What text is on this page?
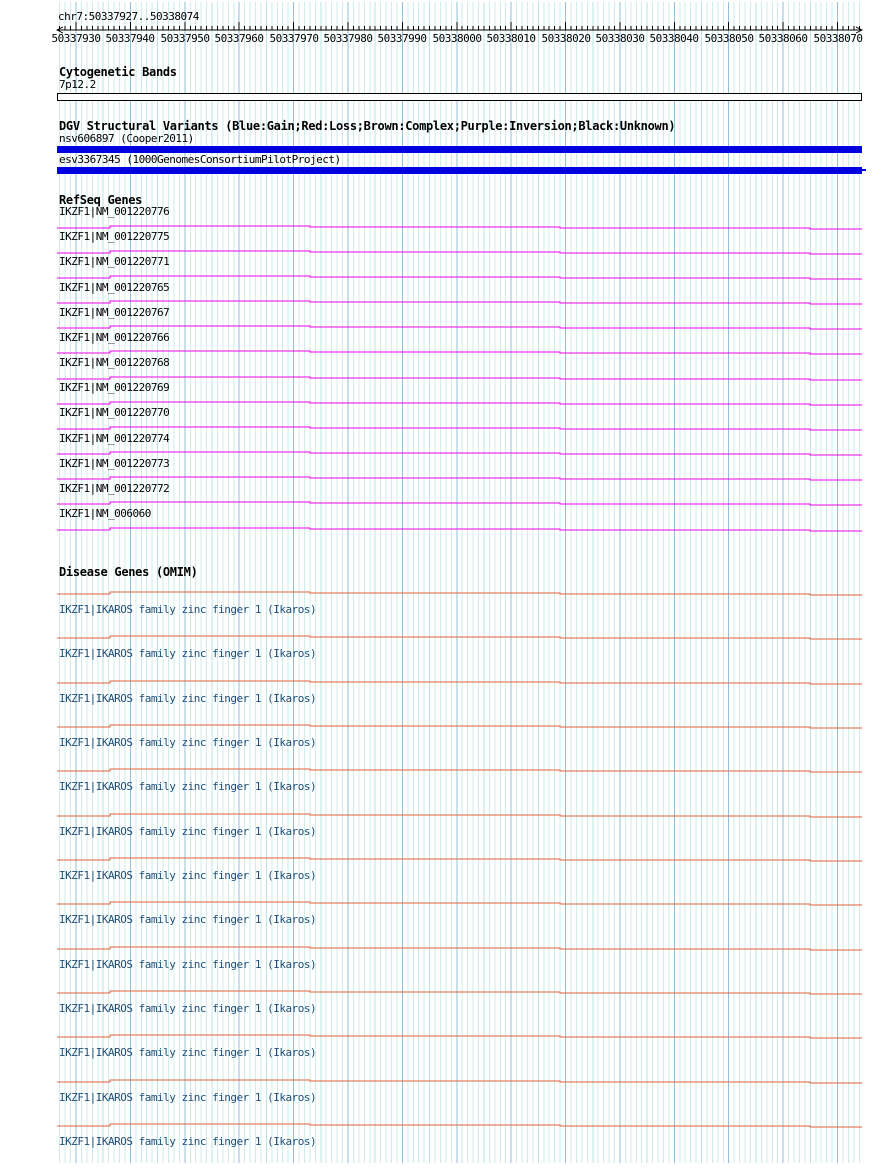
chr7:50337927..50338074
Cytogenetic Bands
7p12.2
DGV Structural Variants (Blue:Gain;Red:Loss;Brown:Complex;Purple:Inversion;Black:Unknown)
nsv606897 (Cooper2011)
esv3367345 (1000GenomesConsortiumPilotProject)
RefSeq Genes
Disease Genes (OMIM)
50337930 50337940 50337950 50337960 50337970 50337980 50337990 50338000 50338010 50338020 50338030 50338040 50338050 50338060 50338070
IKZF1|NM_001220776
IKZF1|NM_001220775
IKZF1|NM_001220771
IKZF1|NM_001220765
IKZF1|NM_001220767
IKZF1|NM_001220766
IKZF1|NM_001220768
IKZF1|NM_001220769
IKZF1|NM_001220770
IKZF1|NM_001220774
IKZF1|NM_001220773
IKZF1|NM_001220772
IKZF1|NM_006060
IKZF1|IKAROS family zinc finger 1 (Ikaros)
IKZF1|IKAROS family zinc finger 1 (Ikaros)
IKZF1|IKAROS family zinc finger 1 (Ikaros)
IKZF1|IKAROS family zinc finger 1 (Ikaros)
IKZF1|IKAROS family zinc finger 1 (Ikaros)
IKZF1|IKAROS family zinc finger 1 (Ikaros)
IKZF1|IKAROS family zinc finger 1 (Ikaros)
IKZF1|IKAROS family zinc finger 1 (Ikaros)
IKZF1|IKAROS family zinc finger 1 (Ikaros)
IKZF1|IKAROS family zinc finger 1 (Ikaros)
IKZF1|IKAROS family zinc finger 1 (Ikaros)
IKZF1|IKAROS family zinc finger 1 (Ikaros)
IKZF1|IKAROS family zinc finger 1 (Ikaros)
